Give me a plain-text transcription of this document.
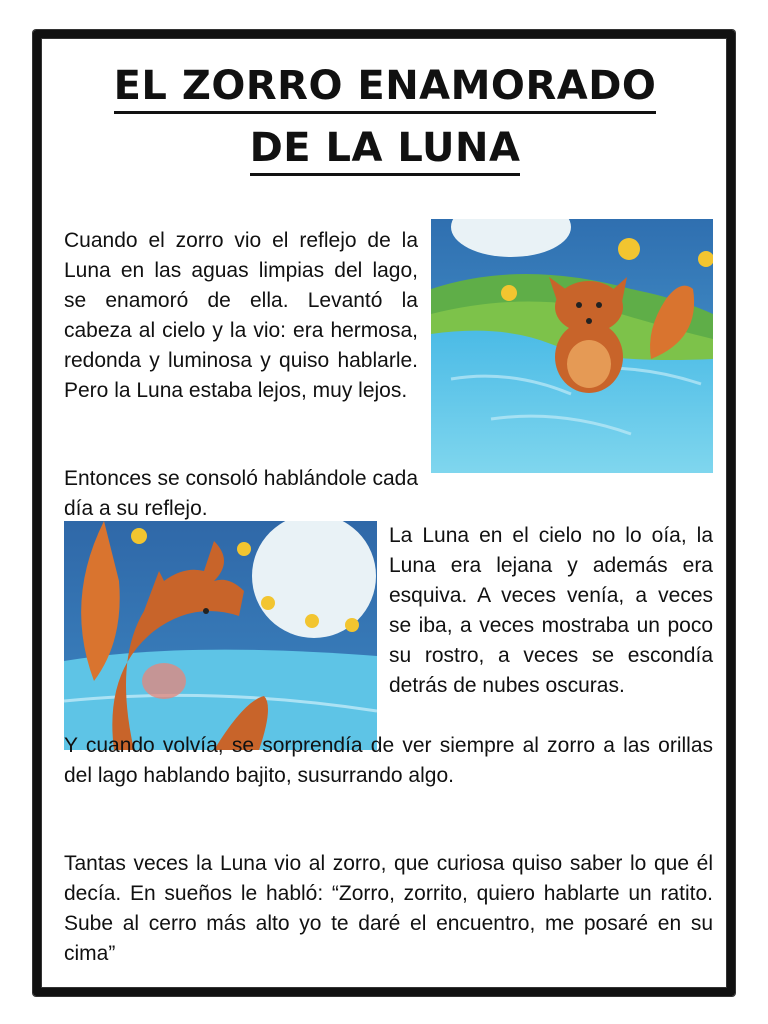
EL ZORRO ENAMORADO
DE LA LUNA

Cuando el zorro vio el reflejo de la Luna en las aguas limpias del lago, se enamoró de ella. Levantó la cabeza al cielo y la vio: era hermosa, redonda y luminosa y quiso hablarle. Pero la Luna estaba lejos, muy lejos.

Entonces se consoló hablándole cada día a su reflejo.

La Luna en el cielo no lo oía, la Luna era lejana y además era esquiva. A veces venía, a veces se iba, a veces mostraba un poco su rostro, a veces se escondía detrás de nubes oscuras.

Y cuando volvía, se sorprendía de ver siempre al zorro a las orillas del lago hablando bajito, susurrando algo.

Tantas veces la Luna vio al zorro, que curiosa quiso saber lo que él decía. En sueños le habló: “Zorro, zorrito, quiero hablarte un ratito. Sube al cerro más alto yo te daré el encuentro, me posaré en su cima”
